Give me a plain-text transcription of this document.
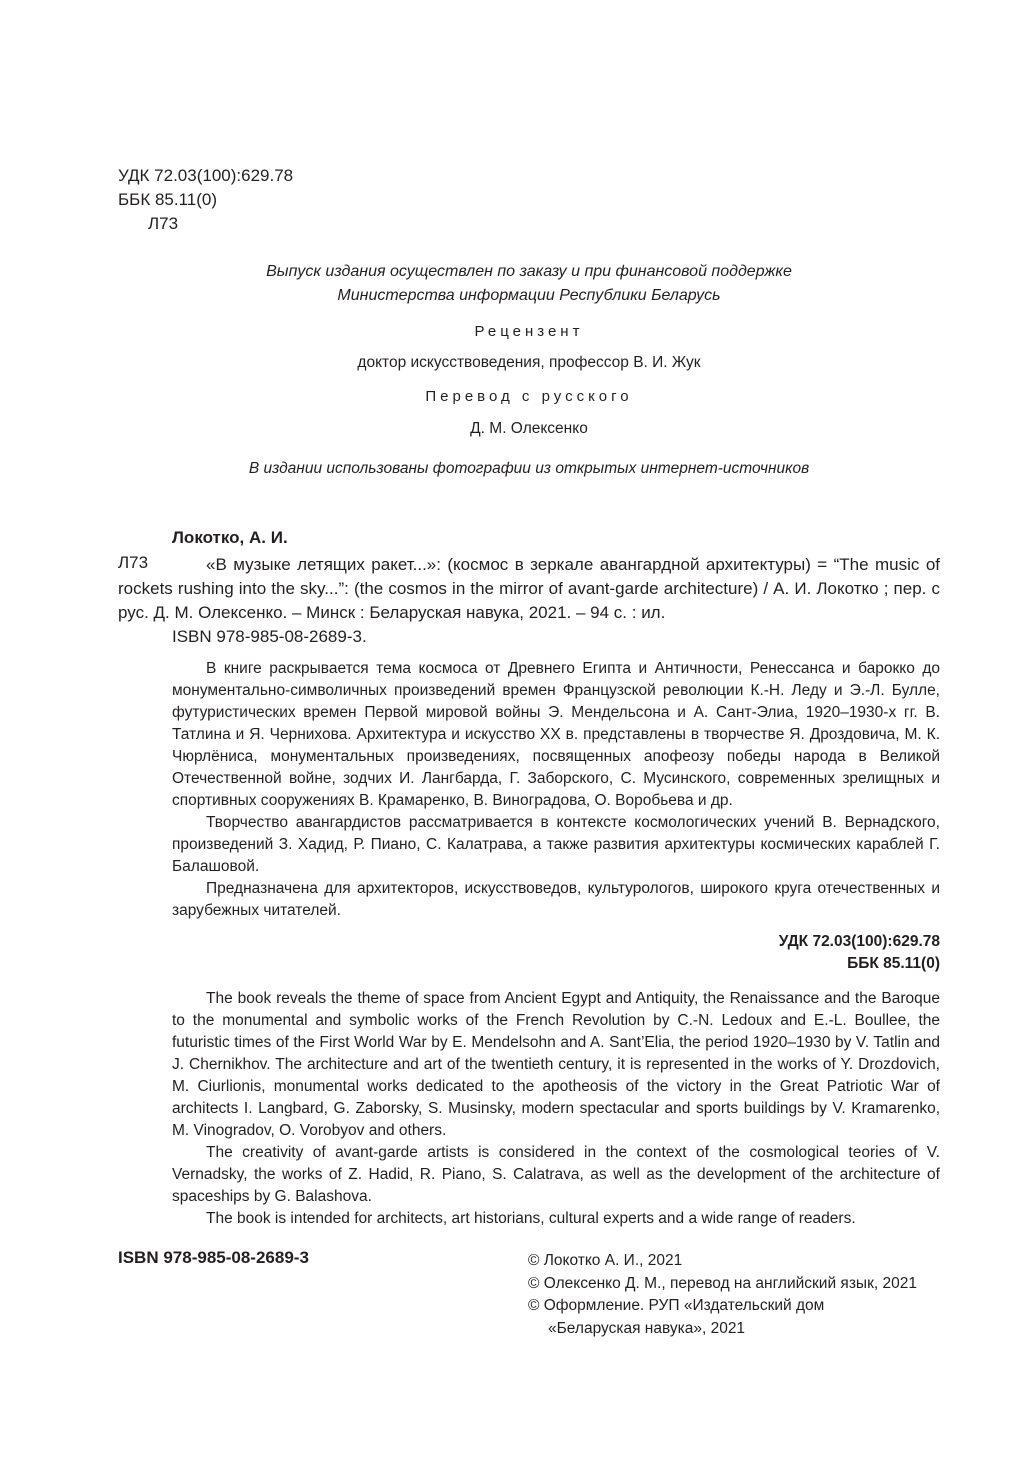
УДК 72.03(100):629.78
ББК 85.11(0)
Л73
Выпуск издания осуществлен по заказу и при финансовой поддержке
Министерства информации Республики Беларусь
Рецензент
доктор искусствоведения, профессор В. И. Жук
Перевод с русского
Д. М. Олексенко
В издании использованы фотографии из открытых интернет-источников
Локотко, А. И.
Л73	«В музыке летящих ракет...»: (космос в зеркале авангардной архитектуры) = “The music of rockets rushing into the sky...”: (the cosmos in the mirror of avant-garde architecture) / А. И. Локотко ; пер. с рус. Д. М. Олексенко. – Минск : Беларуская навука, 2021. – 94 с. : ил.

ISBN 978-985-08-2689-3.

В книге раскрывается тема космоса от Древнего Египта и Античности, Ренессанса и барокко до монументально-символичных произведений времен Французской революции К.-Н. Леду и Э.-Л. Булле, футуристических времен Первой мировой войны Э. Мендельсона и А. Сант-Элиа, 1920–1930-х гг. В. Татлина и Я. Чернихова. Архитектура и искусство XX в. представлены в творчестве Я. Дроздовича, М. К. Чюрлёниса, монументальных произведениях, посвященных апофеозу победы народа в Великой Отечественной войне, зодчих И. Лангбарда, Г. Заборского, С. Мусинского, современных зрелищных и спортивных сооружениях В. Крамаренко, В. Виноградова, О. Воробьева и др.

Творчество авангардистов рассматривается в контексте космологических учений В. Вернадского, произведений З. Хадид, Р. Пиано, С. Калатрава, а также развития архитектуры космических караблей Г. Балашовой.

Предназначена для архитекторов, искусствоведов, культурологов, широкого круга отечественных и зарубежных читателей.

УДК 72.03(100):629.78
ББК 85.11(0)

The book reveals the theme of space from Ancient Egypt and Antiquity, the Renaissance and the Baroque to the monumental and symbolic works of the French Revolution by C.-N. Ledoux and E.-L. Boullee, the futuristic times of the First World War by E. Mendelsohn and A. Sant’Elia, the period 1920–1930 by V. Tatlin and J. Chernikhov. The architecture and art of the twentieth century, it is represented in the works of Y. Drozdovich, M. Ciurlionis, monumental works dedicated to the apotheosis of the victory in the Great Patriotic War of architects I. Langbard, G. Zaborsky, S. Musinsky, modern spectacular and sports buildings by V. Kramarenko, M. Vinogradov, O. Vorobyov and others.

The creativity of avant-garde artists is considered in the context of the cosmological teories of V. Vernadsky, the works of Z. Hadid, R. Piano, S. Calatrava, as well as the development of the architecture of spaceships by G. Balashova.

The book is intended for architects, art historians, cultural experts and a wide range of readers.

ISBN 978-985-08-2689-3	© Локотко А. И., 2021
© Олексенко Д. М., перевод на английский язык, 2021
© Оформление. РУП «Издательский дом
«Беларуская навука», 2021
